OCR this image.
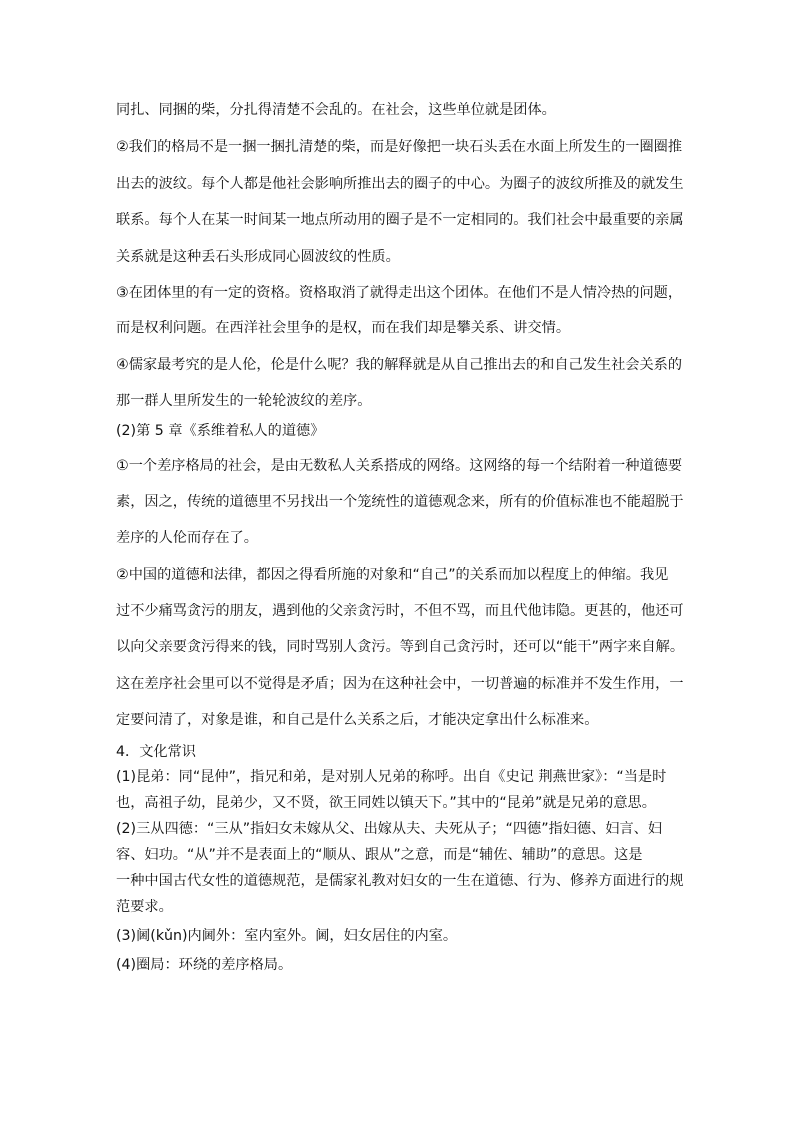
同扎、同捆的柴，分扎得清楚不会乱的。在社会，这些单位就是团体。

②我们的格局不是一捆一捆扎清楚的柴，而是好像把一块石头丢在水面上所发生的一圈圈推

出去的波纹。每个人都是他社会影响所推出去的圈子的中心。为圈子的波纹所推及的就发生

联系。每个人在某一时间某一地点所动用的圈子是不一定相同的。我们社会中最重要的亲属

关系就是这种丢石头形成同心圆波纹的性质。

③在团体里的有一定的资格。资格取消了就得走出这个团体。在他们不是人情冷热的问题，

而是权利问题。在西洋社会里争的是权，而在我们却是攀关系、讲交情。

④儒家最考究的是人伦，伦是什么呢？我的解释就是从自己推出去的和自己发生社会关系的

那一群人里所发生的一轮轮波纹的差序。

(2)第 5 章《系维着私人的道德》

①一个差序格局的社会，是由无数私人关系搭成的网络。这网络的每一个结附着一种道德要

素，因之，传统的道德里不另找出一个笼统性的道德观念来，所有的价值标准也不能超脱于

差序的人伦而存在了。

②中国的道德和法律，都因之得看所施的对象和“自己”的关系而加以程度上的伸缩。我见

过不少痛骂贪污的朋友，遇到他的父亲贪污时，不但不骂，而且代他讳隐。更甚的，他还可

以向父亲要贪污得来的钱，同时骂别人贪污。等到自己贪污时，还可以“能干”两字来自解。

这在差序社会里可以不觉得是矛盾；因为在这种社会中，一切普遍的标准并不发生作用，一

定要问清了，对象是谁，和自己是什么关系之后，才能决定拿出什么标准来。

4．文化常识

(1)昆弟：同“昆仲”，指兄和弟，是对别人兄弟的称呼。出自《史记 荆燕世家》：“当是时

也，高祖子幼，昆弟少，又不贤，欲王同姓以镇天下。”其中的“昆弟”就是兄弟的意思。

(2)三从四德：“三从”指妇女未嫁从父、出嫁从夫、夫死从子；“四德”指妇德、妇言、妇

容、妇功。“从”并不是表面上的“顺从、跟从”之意，而是“辅佐、辅助”的意思。这是

一种中国古代女性的道德规范，是儒家礼教对妇女的一生在道德、行为、修养方面进行的规

范要求。

(3)阃(kǔn)内阃外：室内室外。阃，妇女居住的内室。

(4)圈局：环绕的差序格局。
